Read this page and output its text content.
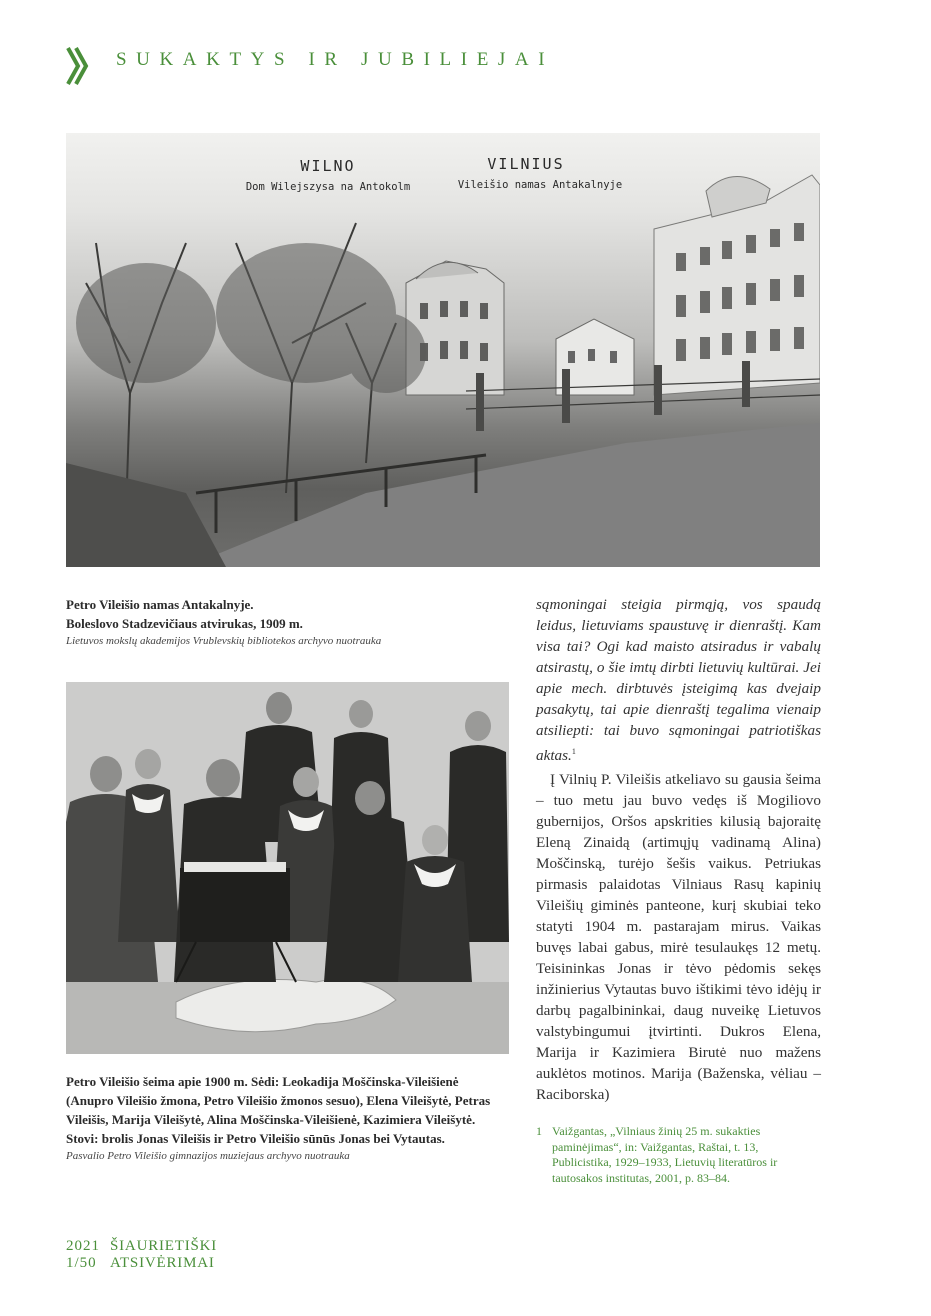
SUKAKTYS IR JUBILIEJAI
WILNO
Dom Wilejszysa na Antokolm
VILNIUS
Vileišio namas Antakalnyje
Petro Vileišio namas Antakalnyje.
Boleslovo Stadzevičiaus atvirukas, 1909 m.
Lietuvos mokslų akademijos Vrublevskių bibliotekos archyvo nuotrauka
Petro Vileišio šeima apie 1900 m. Sėdi: Leokadija Moščinska-Vileišienė (Anupro Vileišio žmona, Petro Vileišio žmonos sesuo), Elena Vileišytė, Petras Vileišis, Marija Vileišytė, Alina Moščinska-Vileišienė, Kazimiera Vileišytė. Stovi: brolis Jonas Vileišis ir Petro Vileišio sūnūs Jonas bei Vytautas.
Pasvalio Petro Vileišio gimnazijos muziejaus archyvo nuotrauka
sąmoningai steigia pirmąją, vos spaudą leidus, lietuviams spaustuvę ir dienraštį. Kam visa tai? Ogi kad maisto atsiradus ir vabalų atsirastų, o šie imtų dirbti lietuvių kultūrai. Jei apie mech. dirbtuvės įsteigimą kas dvejaip pasakytų, tai apie dienraštį tegalima vienaip atsiliepti: tai buvo sąmoningai patriotiškas aktas.$^1$
Į Vilnių P. Vileišis atkeliavo su gausia šeima – tuo metu jau buvo vedęs iš Mogiliovo gubernijos, Oršos apskrities kilusią bajoraitę Eleną Zinaidą (artimųjų vadinamą Alina) Moščinską, turėjo šešis vaikus. Petriukas pirmasis palaidotas Vilniaus Rasų kapinių Vileišių giminės panteone, kurį skubiai teko statyti 1904 m. pastarajam mirus. Vaikas buvęs labai gabus, mirė tesulaukęs 12 metų. Teisininkas Jonas ir tėvo pėdomis sekęs inžinierius Vytautas buvo ištikimi tėvo idėjų ir darbų pagalbininkai, daug nuveikę Lietuvos valstybingumui įtvirtinti. Dukros Elena, Marija ir Kazimiera Birutė nuo mažens auklėtos motinos. Marija (Baženska, vėliau – Raciborska)
1 Vaižgantas, „Vilniaus žinių 25 m. sukakties paminėjimas“, in: Vaižgantas, Raštai, t. 13, Publicistika, 1929–1933, Lietuvių literatūros ir tautosakos institutas, 2001, p. 83–84.
2021 ŠIAURIETIŠKI
1/50 ATSIVĖRIMAI
